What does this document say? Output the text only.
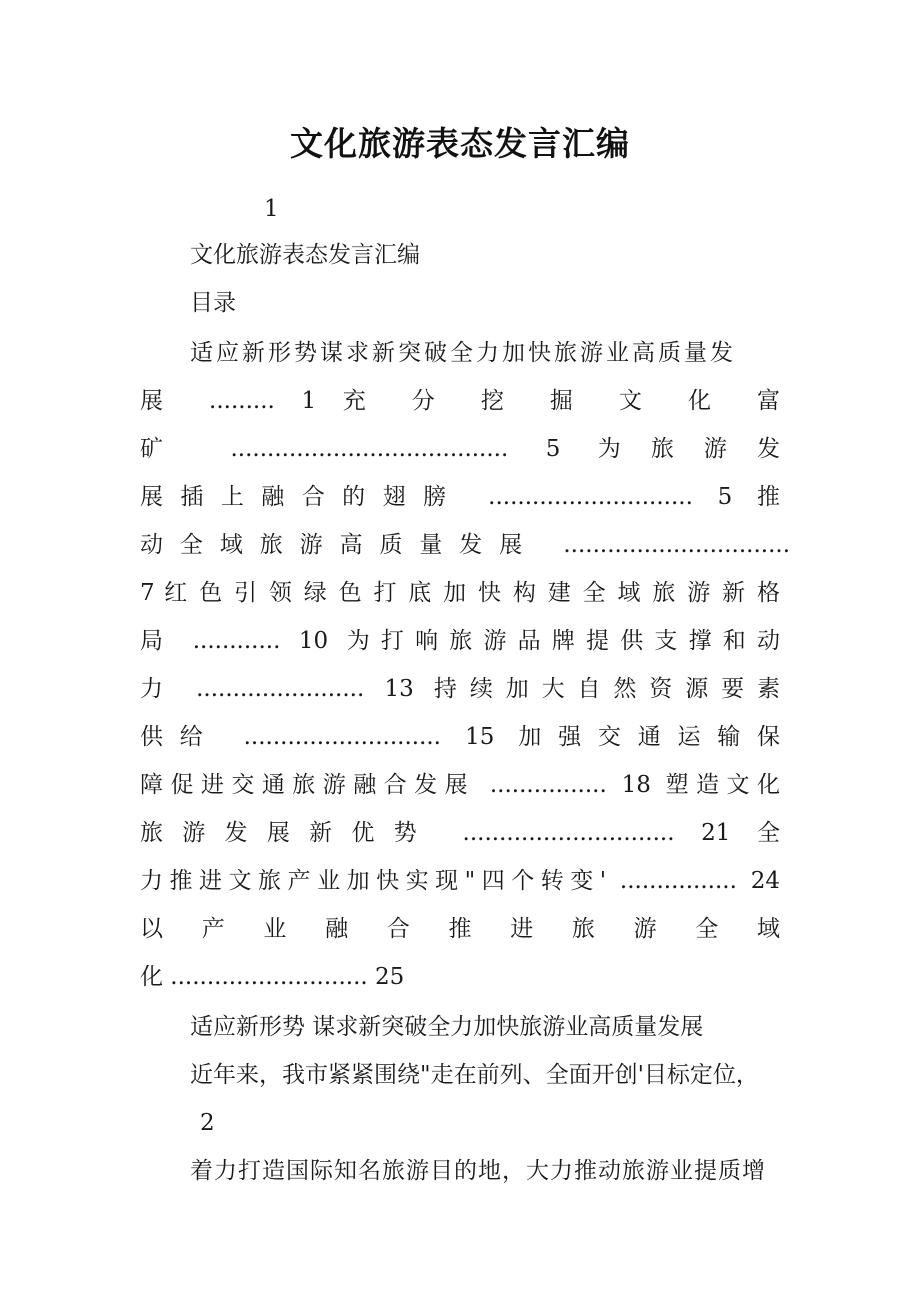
文化旅游表态发言汇编
1
文化旅游表态发言汇编
目录
适应新形势谋求新突破全力加快旅游业高质量发
展 ......... 1 充 分 挖 掘 文 化 富
矿 ...................................... 5 为旅游发
展插上融合的翅膀 ............................ 5 推
动全域旅游高质量发展 ...............................
7 红 色 引 领 绿 色 打 底 加 快 构 建 全 域 旅 游 新 格
局 ............ 10 为打响旅游品牌提供支撑和动
力 ....................... 13 持续加大自然资源要素
供给 ........................... 15 加强交通运输保
障促进交通旅游融合发展 ................ 18 塑造文化
旅游发展新优势 ............................. 21 全
力推进文旅产业加快实现"四个转变' ................ 24
以 产 业 融 合 推 进 旅 游 全 域
化 ........................... 25
适应新形势 谋求新突破全力加快旅游业高质量发展
近年来，我市紧紧围绕"走在前列、全面开创'目标定位，
2
着力打造国际知名旅游目的地，大力推动旅游业提质增
